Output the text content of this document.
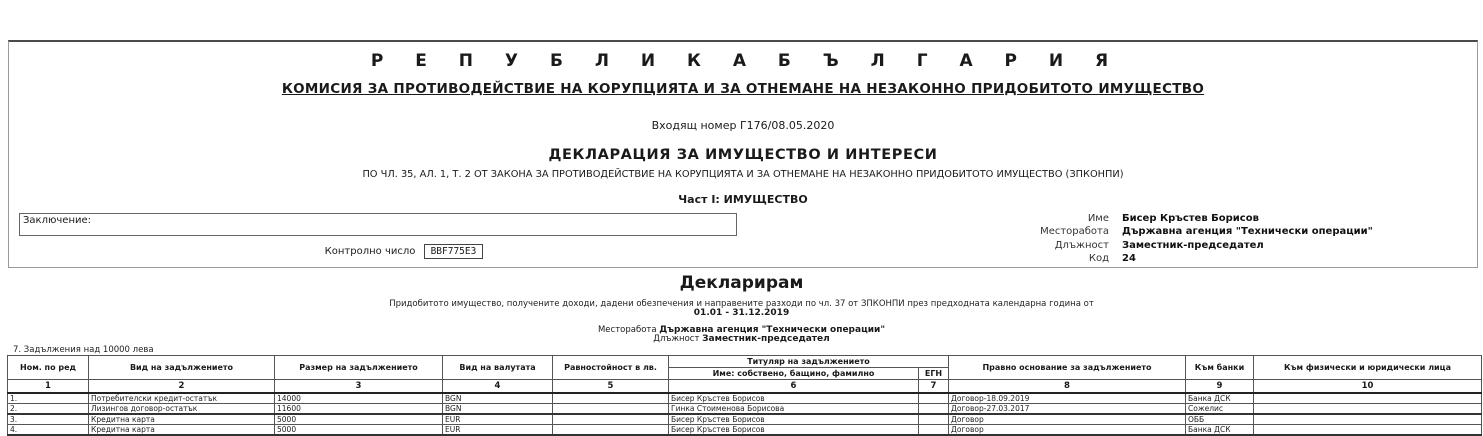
Р Е П У Б Л И К А Б Ъ Л Г А Р И Я
КОМИСИЯ ЗА ПРОТИВОДЕЙСТВИЕ НА КОРУПЦИЯТА И ЗА ОТНЕМАНЕ НА НЕЗАКОННО ПРИДОБИТОТО ИМУЩЕСТВО
Входящ номер Г176/08.05.2020
ДЕКЛАРАЦИЯ ЗА ИМУЩЕСТВО И ИНТЕРЕСИ
ПО ЧЛ. 35, АЛ. 1, Т. 2 ОТ ЗАКОНА ЗА ПРОТИВОДЕЙСТВИЕ НА КОРУПЦИЯТА И ЗА ОТНЕМАНЕ НА НЕЗАКОННО ПРИДОБИТОТО ИМУЩЕСТВО (ЗПКОНПИ)
Част I: ИМУЩЕСТВО
Заключение:
Контролно число BBF775E3
Име Бисер Кръстев Борисов
Месторабота Държавна агенция "Технически операции"
Длъжност Заместник-председател
Код 24
Декларирам
Придобитото имущество, получените доходи, дадени обезпечения и направените разходи по чл. 37 от ЗПКОНПИ през предходната календарна година от
01.01 - 31.12.2019
Месторабота Държавна агенция "Технически операции"
Длъжност Заместник-председател
7. Задължения над 10000 лева
Ном. по ред	Вид на задължението	Размер на задължението	Вид на валутата	Равностойност в лв.	Титуляр на задължението		Правно основание за задължението	Към банки	Към физически и юридически лица
					Име: собствено, бащино, фамилно	ЕГН			
1	2	3	4	5	6	7	8	9	10
1.	Потребителски кредит-остатък	14000	BGN		Бисер Кръстев Борисов		Договор-18.09.2019	Банка ДСК	
2.	Лизингов договор-остатък	11600	BGN		Гинка Стоименова Борисова		Договор-27.03.2017	Сожелис	
3.	Кредитна карта	5000	EUR		Бисер Кръстев Борисов		Договор	ОББ	
4.	Кредитна карта	5000	EUR		Бисер Кръстев Борисов		Договор	Банка ДСК	
